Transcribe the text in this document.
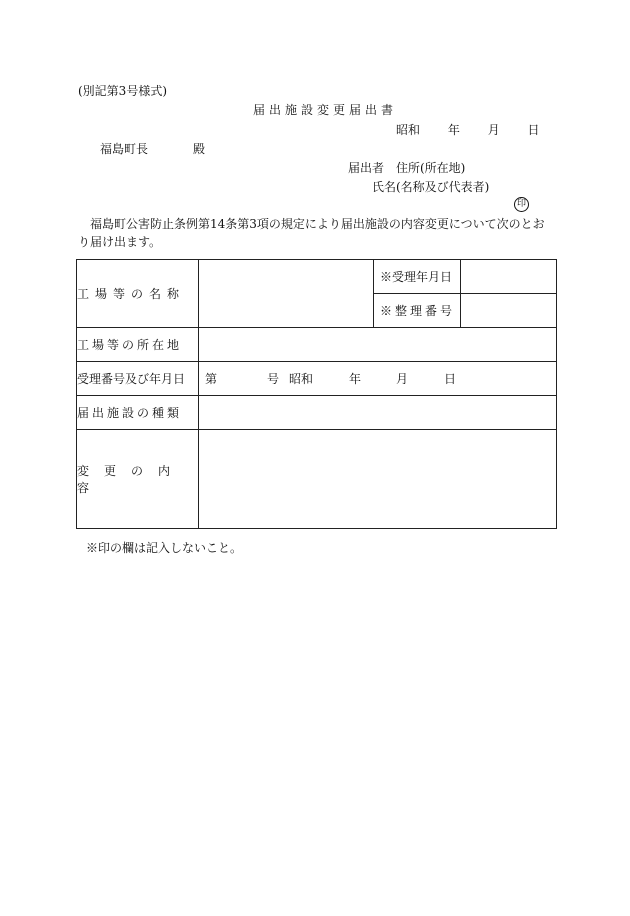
(別記第3号様式)
届出施設変更届出書
昭和 年 月 日
福島町長	殿
届出者　住所(所在地)
氏名(名称及び代表者)
印
福島町公害防止条例第14条第3項の規定により届出施設の内容変更について次のとおり届け出ます。
工場等の名称		※受理年月日	
		※整理番号	
工場等の所在地			
受理番号及び年月日	第 号 昭和 年 月 日		
届出施設の種類			
変更の内容			
※印の欄は記入しないこと。
